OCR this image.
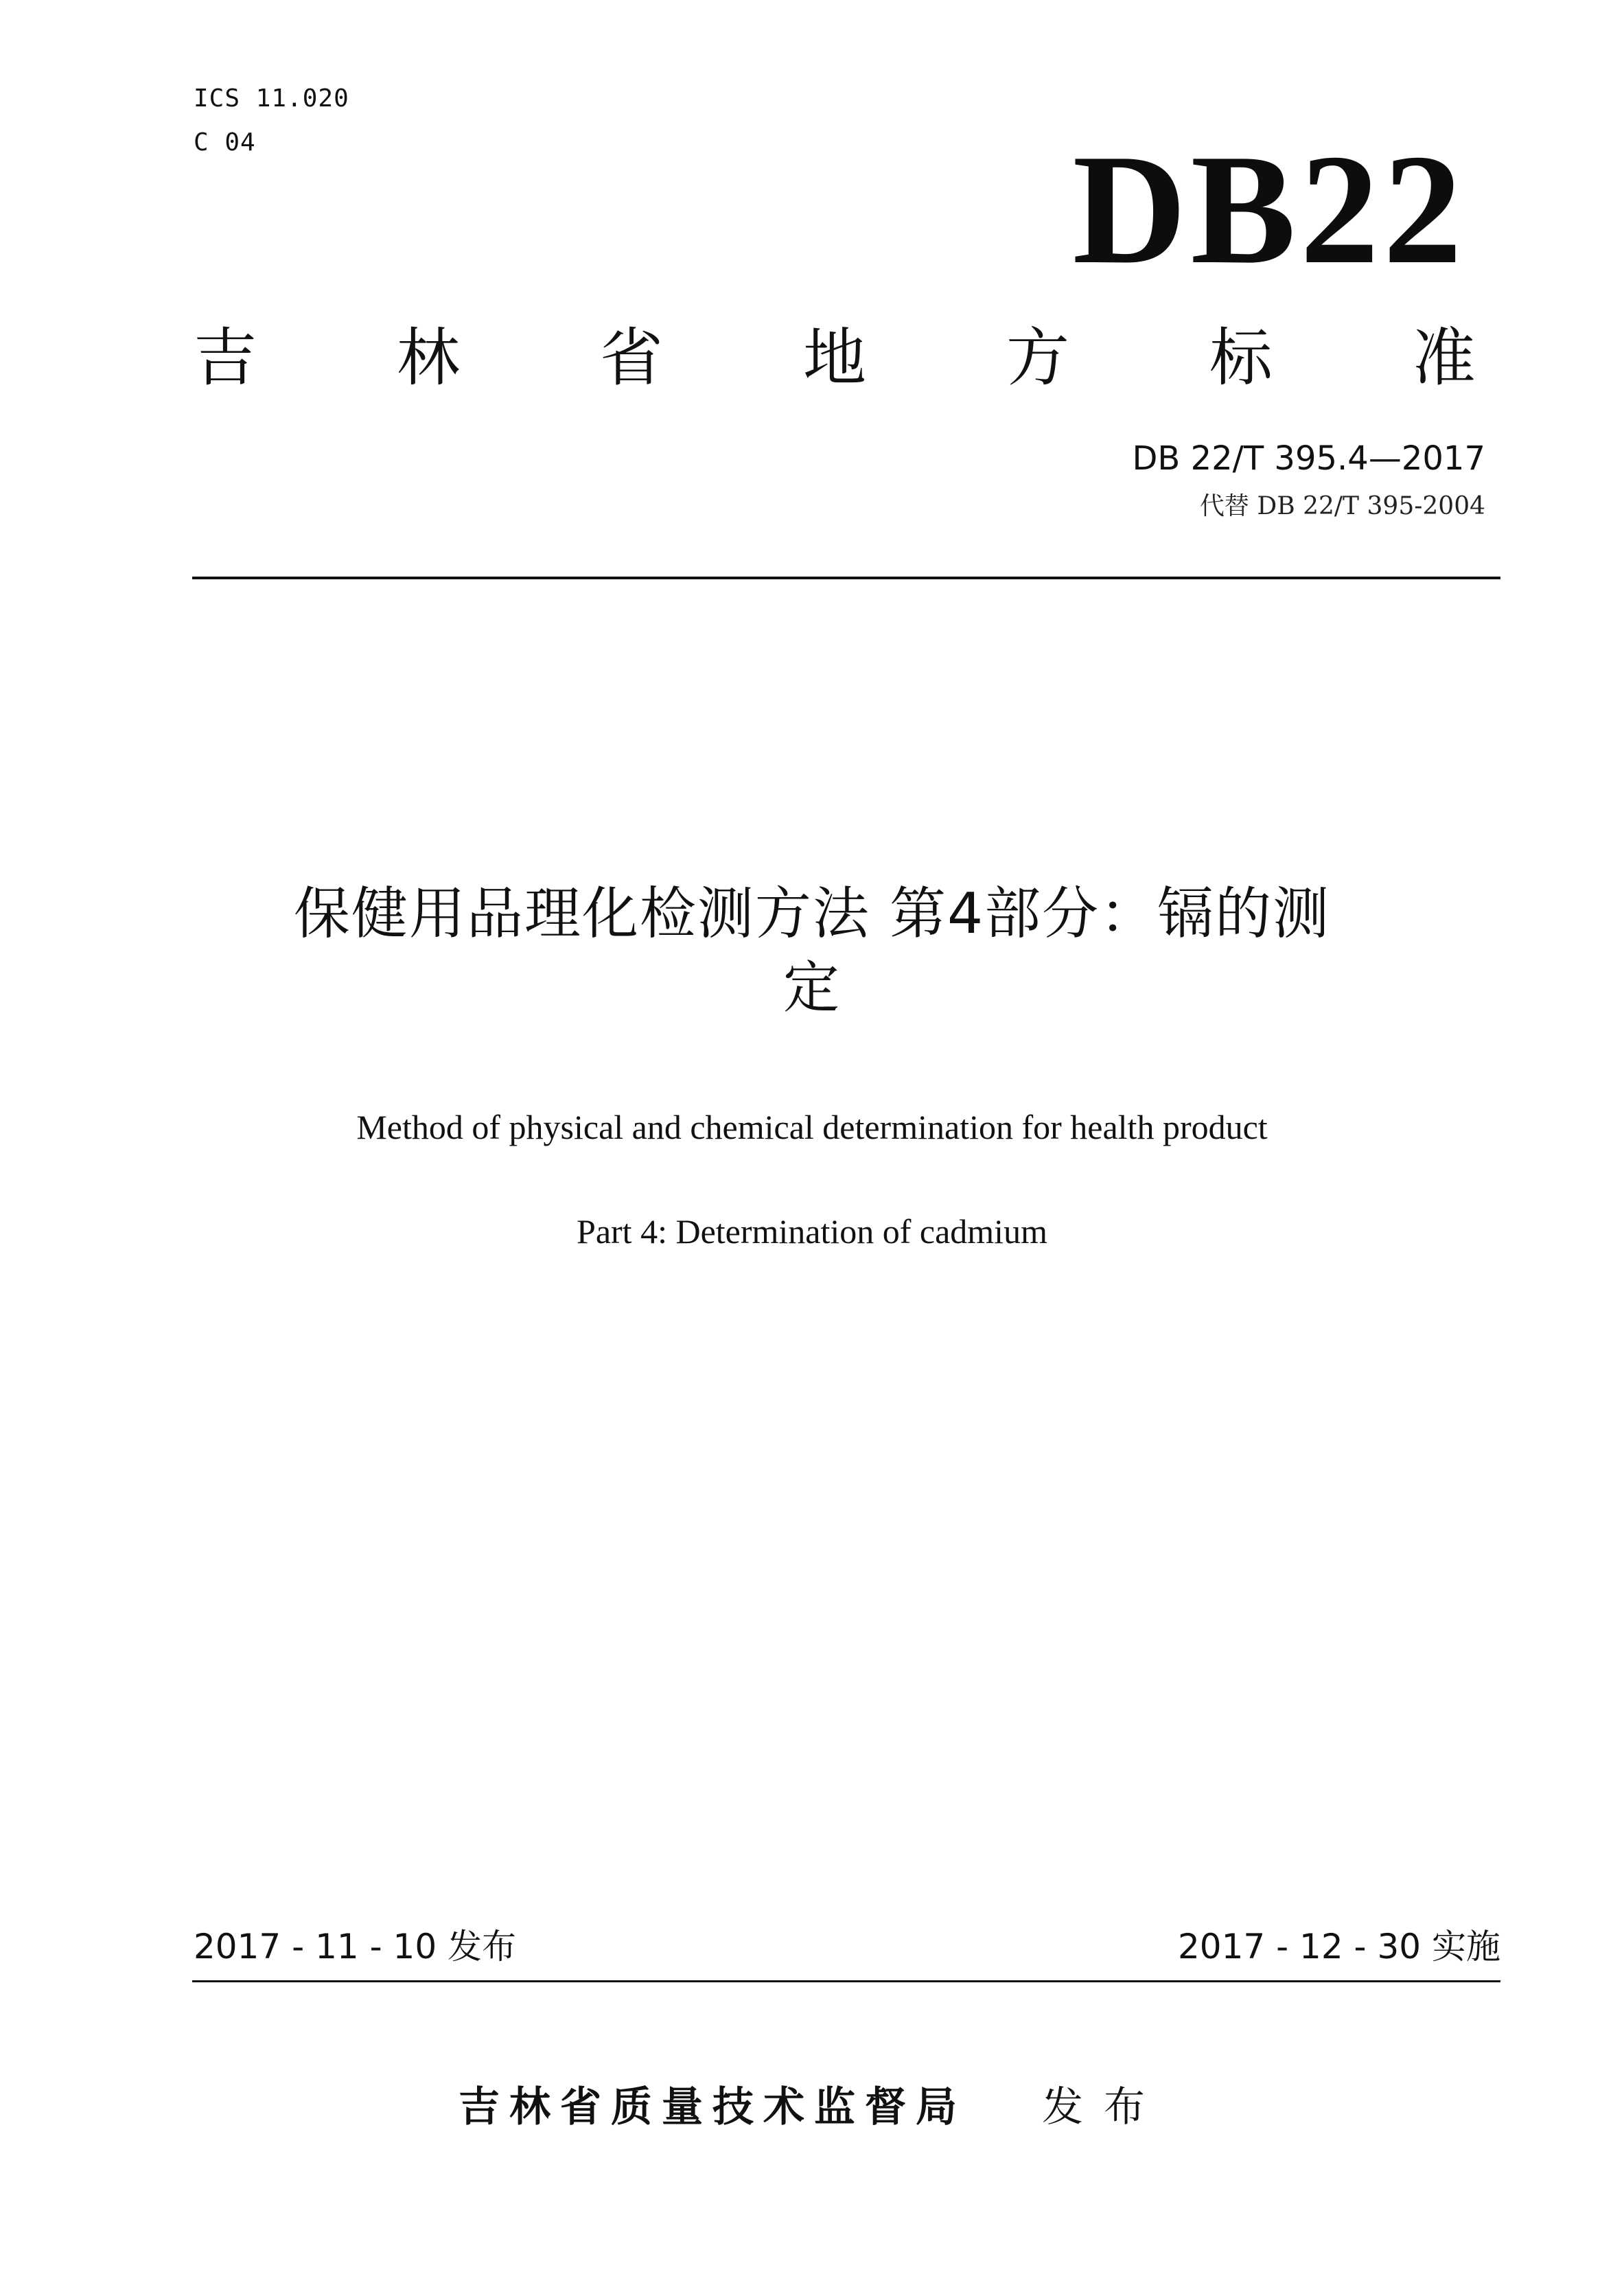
ICS 11.020
C 04	DB22
吉 林 省 地 方 标 准
DB 22/T 395.4—2017
代替 DB 22/T 395-2004
保健用品理化检测方法 第4部分：镉的测
定
Method of physical and chemical determination for health product
Part 4: Determination of cadmium
2017 - 11 - 10 发布	2017 - 12 - 30 实施
吉林省质量技术监督局 发布
